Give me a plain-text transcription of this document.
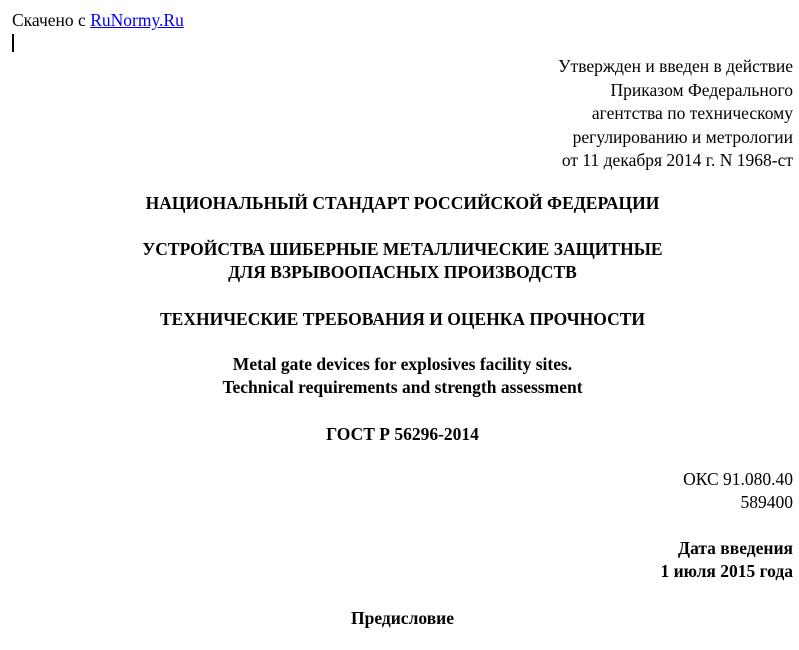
Скачено с RuNormy.Ru
Утвержден и введен в действие
Приказом Федерального
агентства по техническому
регулированию и метрологии
от 11 декабря 2014 г. N 1968-ст
НАЦИОНАЛЬНЫЙ СТАНДАРТ РОССИЙСКОЙ ФЕДЕРАЦИИ
УСТРОЙСТВА ШИБЕРНЫЕ МЕТАЛЛИЧЕСКИЕ ЗАЩИТНЫЕ
ДЛЯ ВЗРЫВООПАСНЫХ ПРОИЗВОДСТВ
ТЕХНИЧЕСКИЕ ТРЕБОВАНИЯ И ОЦЕНКА ПРОЧНОСТИ
Metal gate devices for explosives facility sites.
Technical requirements and strength assessment
ГОСТ Р 56296-2014
ОКС 91.080.40
589400
Дата введения
1 июля 2015 года
Предисловие
